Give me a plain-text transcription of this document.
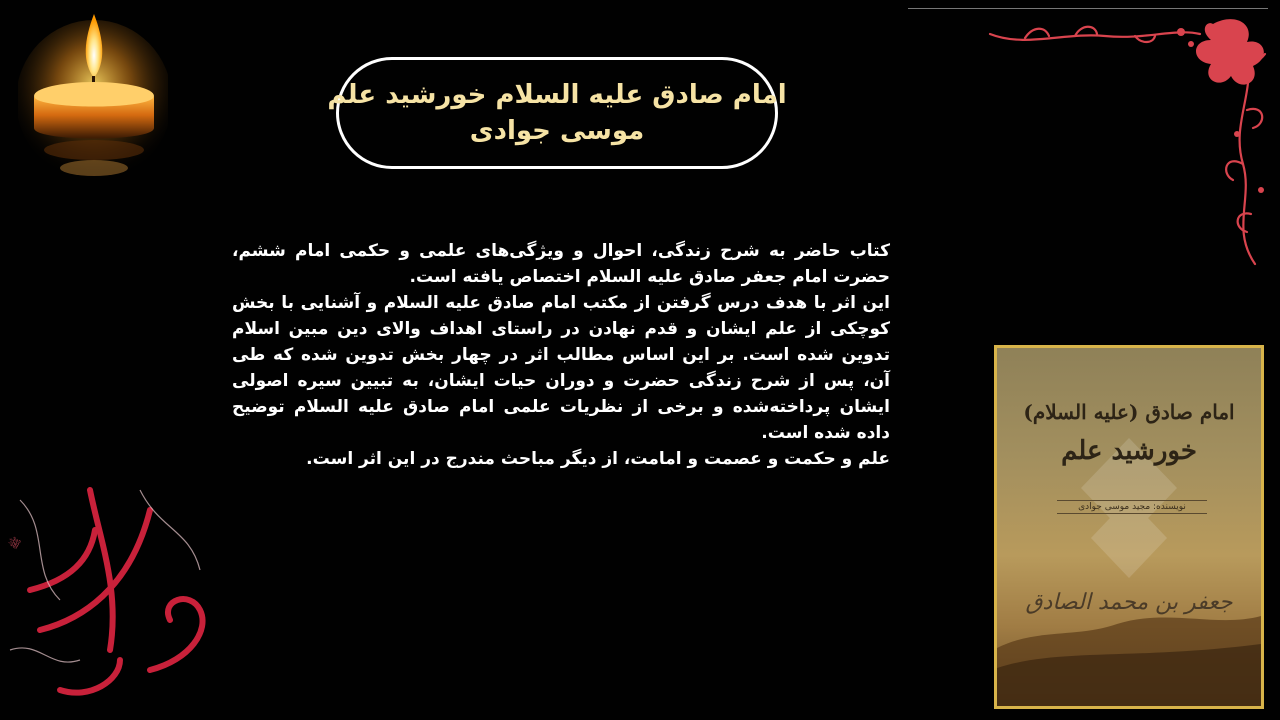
امام صادق علیه السلام خورشید علم
موسی جوادی

کتاب حاضر به شرح زندگی، احوال و ویژگی‌های علمی و حکمی امام ششم، حضرت امام جعفر صادق علیه السلام اختصاص یافته است.

این اثر با هدف درس گرفتن از مکتب امام صادق علیه السلام و آشنایی با بخش کوچکی از علم ایشان و قدم نهادن در راستای اهداف والای دین مبین اسلام تدوین شده است. بر این اساس مطالب اثر در چهار بخش تدوین شده که طی آن، پس از شرح زندگی حضرت و دوران حیات ایشان، به تبیین سیره اصولی ایشان پرداخته‌شده و برخی از نظریات علمی امام صادق علیه السلام توضیح داده شده است.

علم و حکمت و عصمت و امامت، از دیگر مباحث مندرج در این اثر است.

ﷺ
امام صادق (علیه السلام)
خورشید علم
نویسنده: مجید موسی جوادی
جعفر بن محمد الصادق
